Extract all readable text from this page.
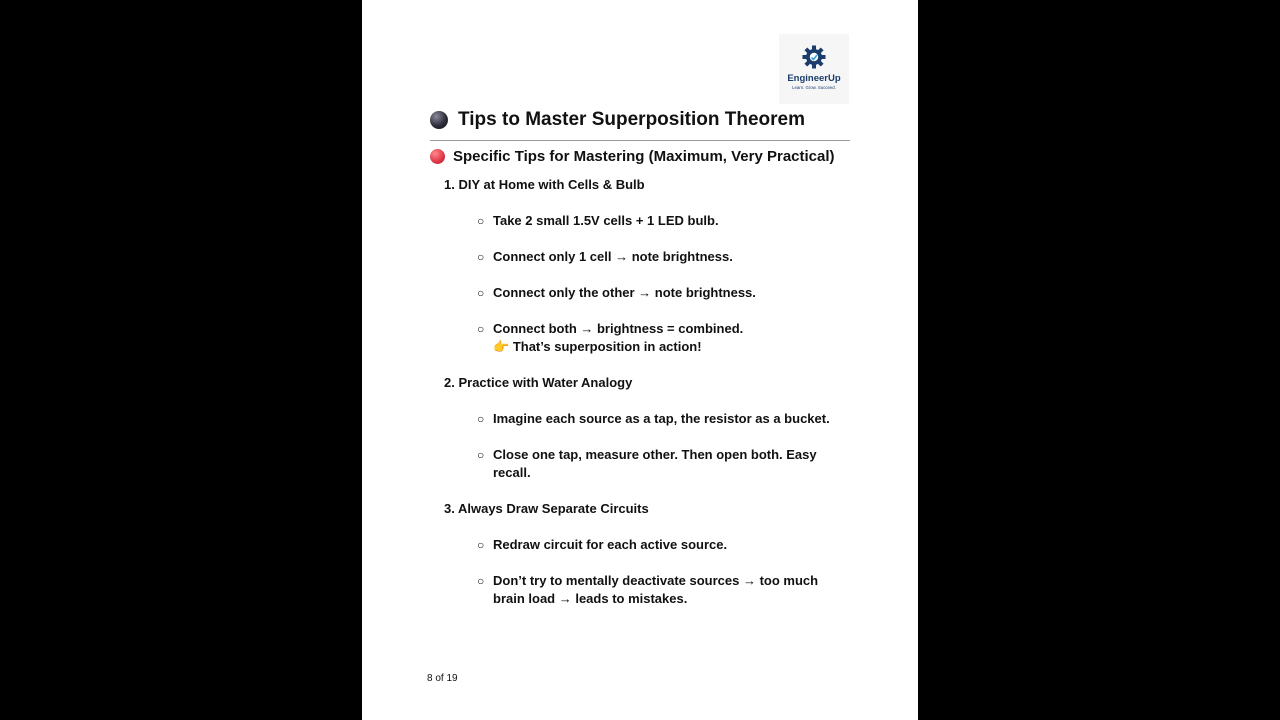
EngineerUp
Learn. Grow. Succeed.
Tips to Master Superposition Theorem
Specific Tips for Mastering (Maximum, Very Practical)
1. DIY at Home with Cells & Bulb
○ Take 2 small 1.5V cells + 1 LED bulb.
○ Connect only 1 cell → note brightness.
○ Connect only the other → note brightness.
○ Connect both → brightness = combined.
👉 That’s superposition in action!
2. Practice with Water Analogy
○ Imagine each source as a tap, the resistor as a bucket.
○ Close one tap, measure other. Then open both. Easy
recall.
3. Always Draw Separate Circuits
○ Redraw circuit for each active source.
○ Don’t try to mentally deactivate sources → too much
brain load → leads to mistakes.
8 of 19
